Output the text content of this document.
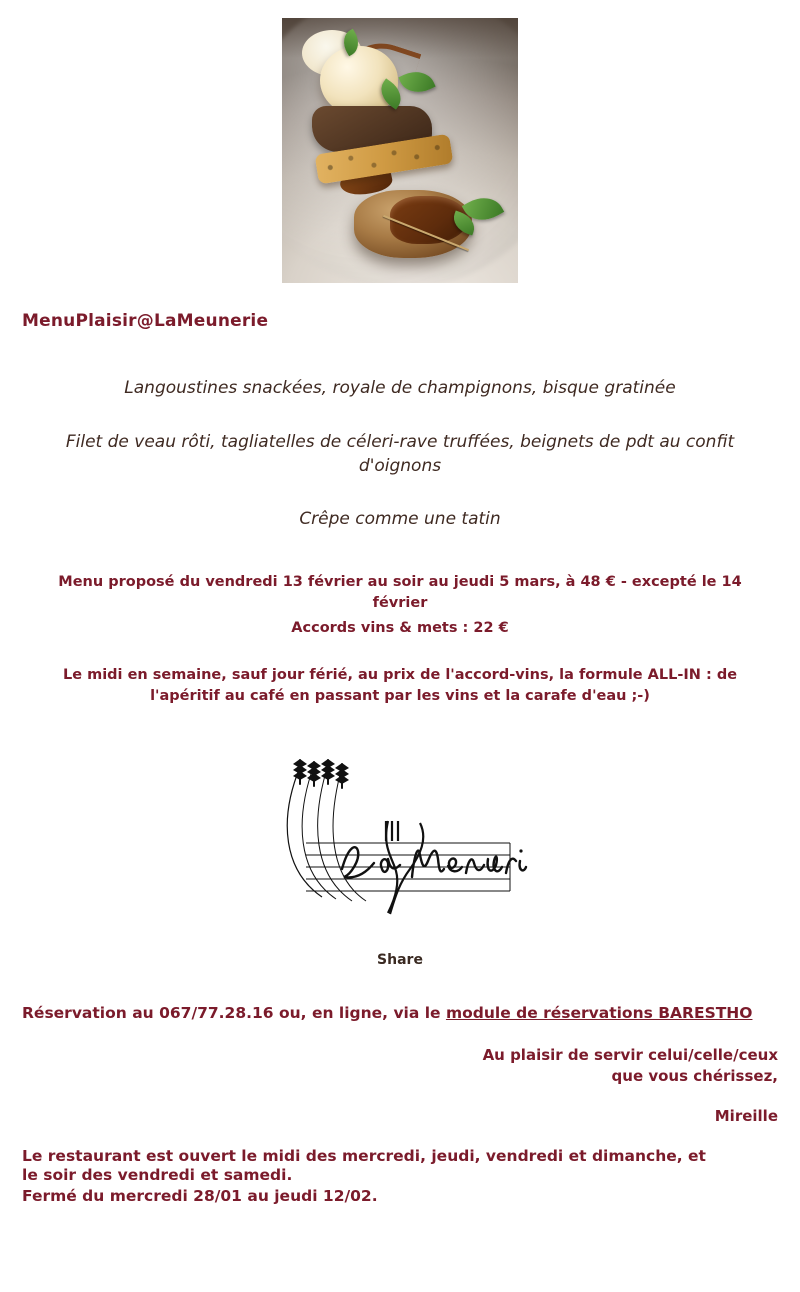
MenuPlaisir@LaMeunerie
Langoustines snackées, royale de champignons, bisque gratinée
Filet de veau rôti, tagliatelles de céleri-rave truffées, beignets de pdt au confit d'oignons
Crêpe comme une tatin
Menu proposé du vendredi 13 février au soir au jeudi 5 mars, à 48 € - excepté le 14 février
Accords vins & mets : 22 €
Le midi en semaine, sauf jour férié, au prix de l'accord-vins, la formule ALL-IN : de l'apéritif au café en passant par les vins et la carafe d'eau ;-)
Share
Réservation au 067/77.28.16 ou, en ligne, via le module de réservations BARESTHO
Au plaisir de servir celui/celle/ceux
que vous chérissez,
Mireille
Le restaurant est ouvert le midi des mercredi, jeudi, vendredi et dimanche, et
le soir des vendredi et samedi.
Fermé du mercredi 28/01 au jeudi 12/02.
